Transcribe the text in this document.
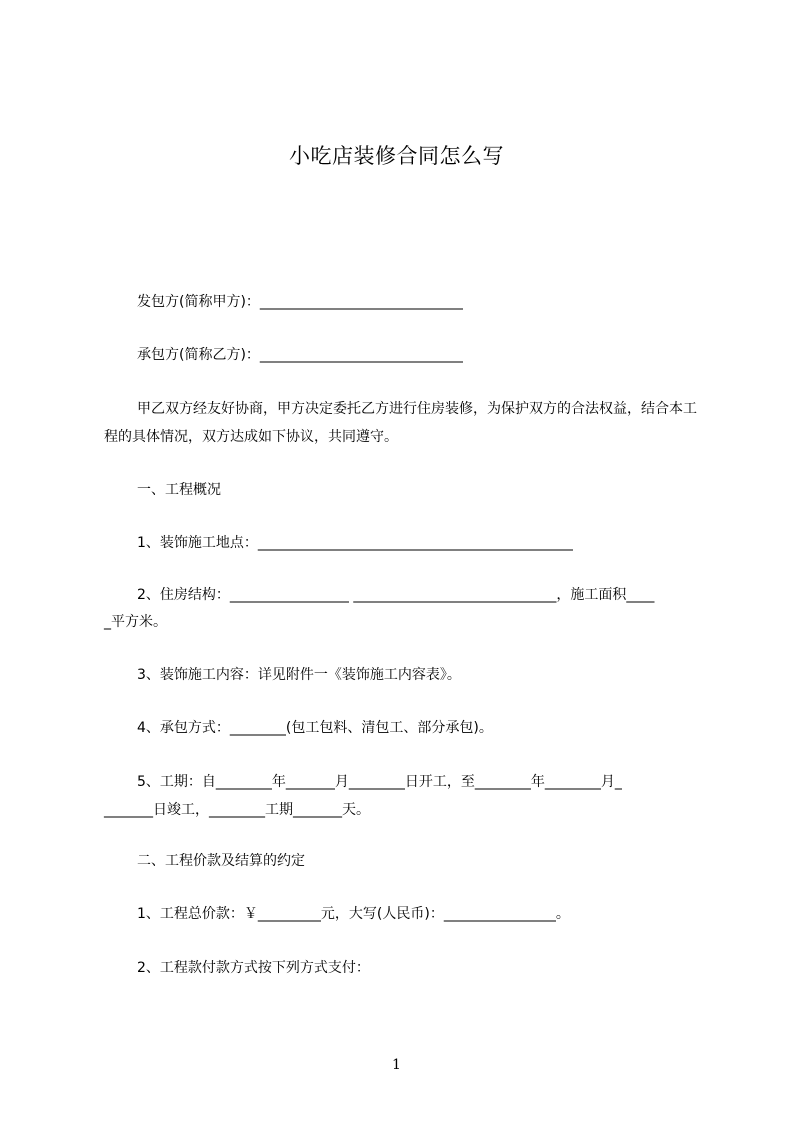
小吃店装修合同怎么写
发包方(简称甲方)：_____________________________
承包方(简称乙方)：_____________________________
甲乙双方经友好协商，甲方决定委托乙方进行住房装修，为保护双方的合法权益，结合本工程的具体情况，双方达成如下协议，共同遵守。
一、工程概况
1、装饰施工地点：_____________________________________________
2、住房结构：_________________ _____________________________，施工面积____
_平方米。
3、装饰施工内容：详见附件一《装饰施工内容表》。
4、承包方式：________(包工包料、清包工、部分承包)。
5、工期：自________年_______月________日开工，至________年________月_
_______日竣工，________工期_______天。
二、工程价款及结算的约定
1、工程总价款：￥_________元，大写(人民币)：________________。
2、工程款付款方式按下列方式支付：
1
